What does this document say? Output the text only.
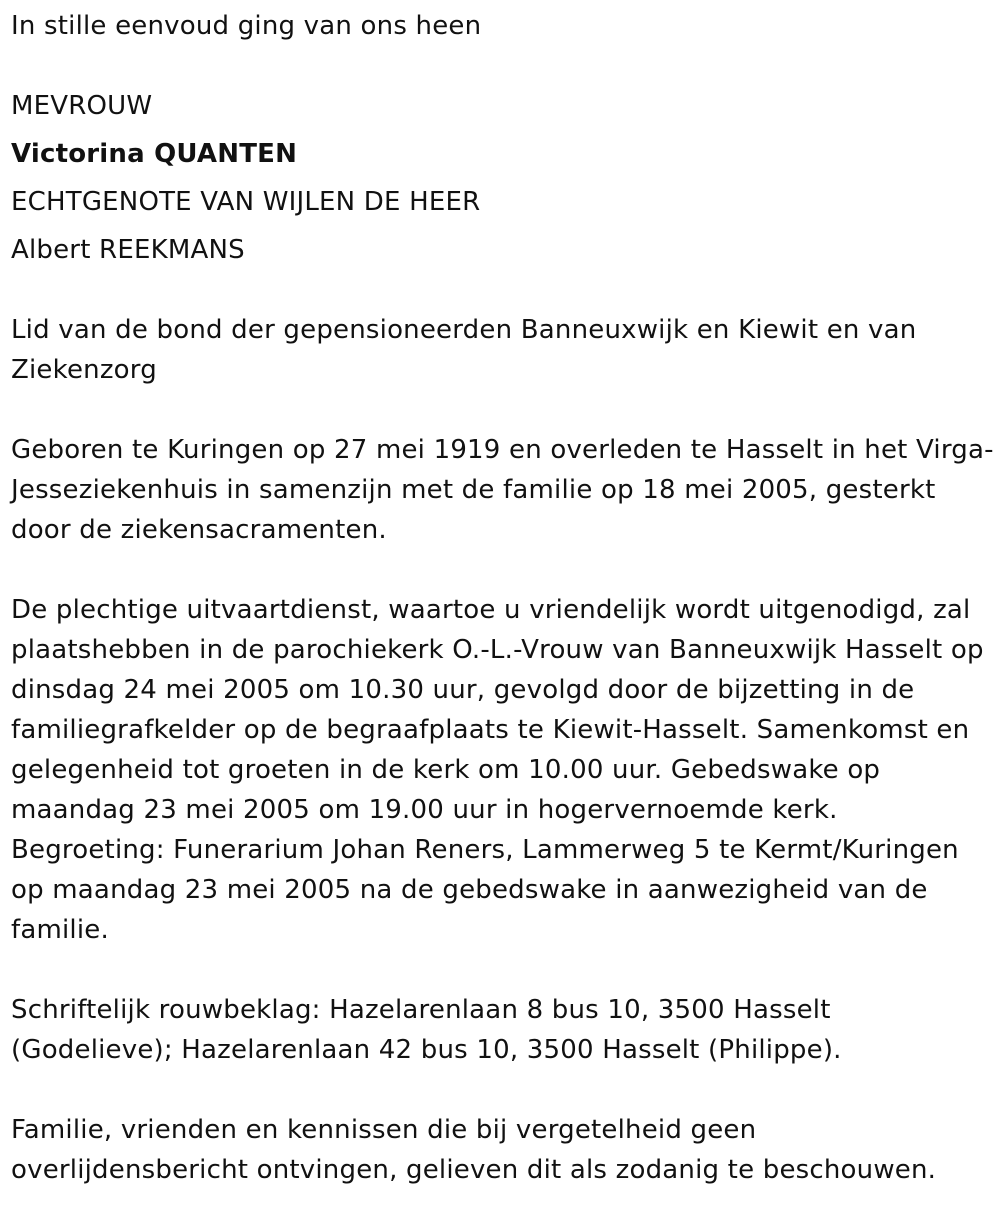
In stille eenvoud ging van ons heen
MEVROUW
Victorina QUANTEN
ECHTGENOTE VAN WIJLEN DE HEER
Albert REEKMANS
Lid van de bond der gepensioneerden Banneuxwijk en Kiewit en van
Ziekenzorg
Geboren te Kuringen op 27 mei 1919 en overleden te Hasselt in het Virga-
Jesseziekenhuis in samenzijn met de familie op 18 mei 2005, gesterkt
door de ziekensacramenten.
De plechtige uitvaartdienst, waartoe u vriendelijk wordt uitgenodigd, zal
plaatshebben in de parochiekerk O.-L.-Vrouw van Banneuxwijk Hasselt op
dinsdag 24 mei 2005 om 10.30 uur, gevolgd door de bijzetting in de
familiegrafkelder op de begraafplaats te Kiewit-Hasselt. Samenkomst en
gelegenheid tot groeten in de kerk om 10.00 uur. Gebedswake op
maandag 23 mei 2005 om 19.00 uur in hogervernoemde kerk.
Begroeting: Funerarium Johan Reners, Lammerweg 5 te Kermt/Kuringen
op maandag 23 mei 2005 na de gebedswake in aanwezigheid van de
familie.
Schriftelijk rouwbeklag: Hazelarenlaan 8 bus 10, 3500 Hasselt
(Godelieve); Hazelarenlaan 42 bus 10, 3500 Hasselt (Philippe).
Familie, vrienden en kennissen die bij vergetelheid geen
overlijdensbericht ontvingen, gelieven dit als zodanig te beschouwen.
